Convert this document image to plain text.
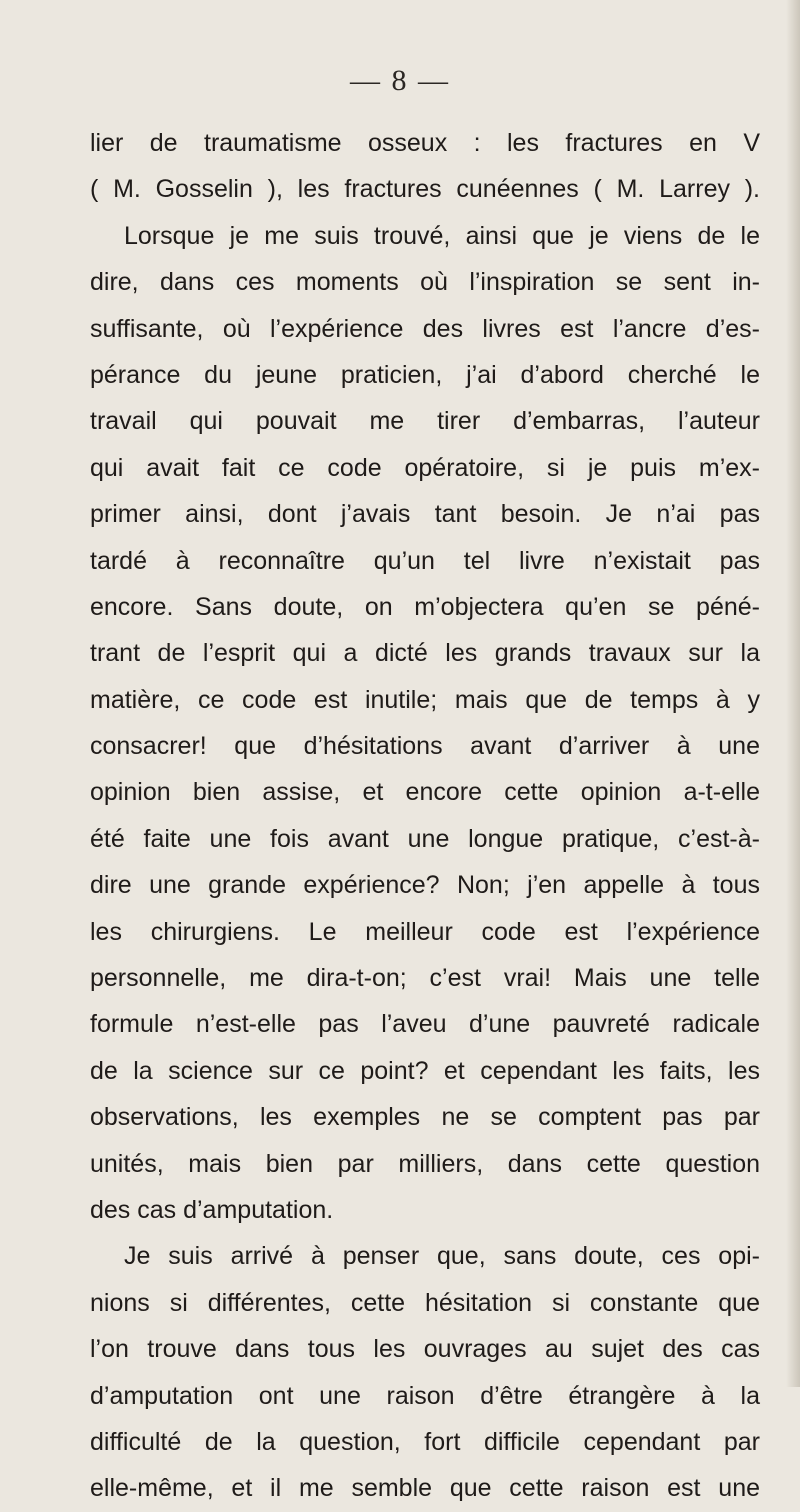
— 8 —
lier de traumatisme osseux : les fractures en V
( M. Gosselin ), les fractures cunéennes ( M. Larrey ).
Lorsque je me suis trouvé, ainsi que je viens de le
dire, dans ces moments où l’inspiration se sent in-
suffisante, où l’expérience des livres est l’ancre d’es-
pérance du jeune praticien, j’ai d’abord cherché le
travail qui pouvait me tirer d’embarras, l’auteur
qui avait fait ce code opératoire, si je puis m’ex-
primer ainsi, dont j’avais tant besoin. Je n’ai pas
tardé à reconnaître qu’un tel livre n’existait pas
encore. Sans doute, on m’objectera qu’en se péné-
trant de l’esprit qui a dicté les grands travaux sur la
matière, ce code est inutile; mais que de temps à y
consacrer! que d’hésitations avant d’arriver à une
opinion bien assise, et encore cette opinion a-t-elle
été faite une fois avant une longue pratique, c’est-à-
dire une grande expérience? Non; j’en appelle à tous
les chirurgiens. Le meilleur code est l’expérience
personnelle, me dira-t-on; c’est vrai! Mais une telle
formule n’est-elle pas l’aveu d’une pauvreté radicale
de la science sur ce point? et cependant les faits, les
observations, les exemples ne se comptent pas par
unités, mais bien par milliers, dans cette question
des cas d’amputation.
Je suis arrivé à penser que, sans doute, ces opi-
nions si différentes, cette hésitation si constante que
l’on trouve dans tous les ouvrages au sujet des cas
d’amputation ont une raison d’être étrangère à la
difficulté de la question, fort difficile cependant par
elle-même, et il me semble que cette raison est une
